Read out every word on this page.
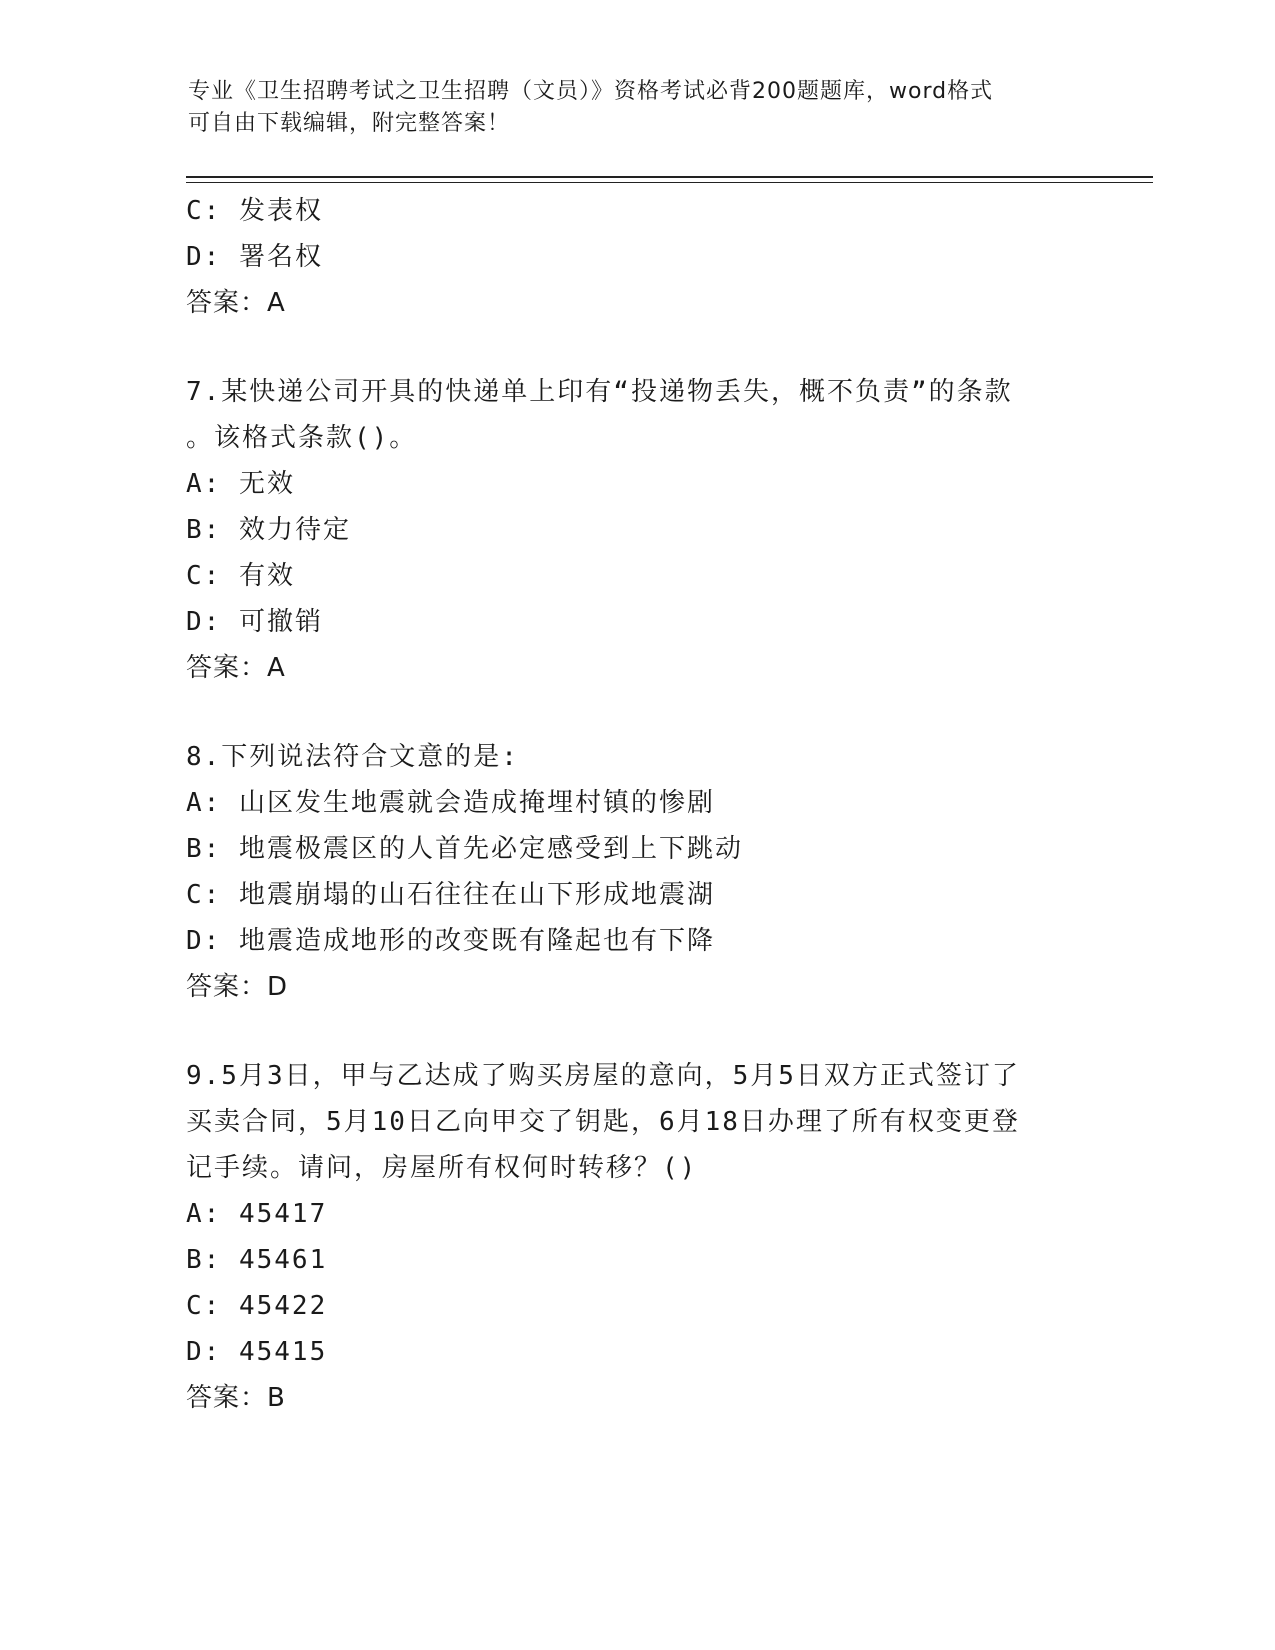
专业《卫生招聘考试之卫生招聘（文员）》资格考试必背200题题库，word格式
可自由下载编辑，附完整答案！
C: 发表权
D: 署名权
答案：A
7.某快递公司开具的快递单上印有“投递物丢失，概不负责”的条款
。该格式条款()。
A: 无效
B: 效力待定
C: 有效
D: 可撤销
答案：A
8.下列说法符合文意的是:
A: 山区发生地震就会造成掩埋村镇的惨剧
B: 地震极震区的人首先必定感受到上下跳动
C: 地震崩塌的山石往往在山下形成地震湖
D: 地震造成地形的改变既有隆起也有下降
答案：D
9.5月3日，甲与乙达成了购买房屋的意向，5月5日双方正式签订了
买卖合同，5月10日乙向甲交了钥匙，6月18日办理了所有权变更登
记手续。请问，房屋所有权何时转移？()
A: 45417
B: 45461
C: 45422
D: 45415
答案：B
